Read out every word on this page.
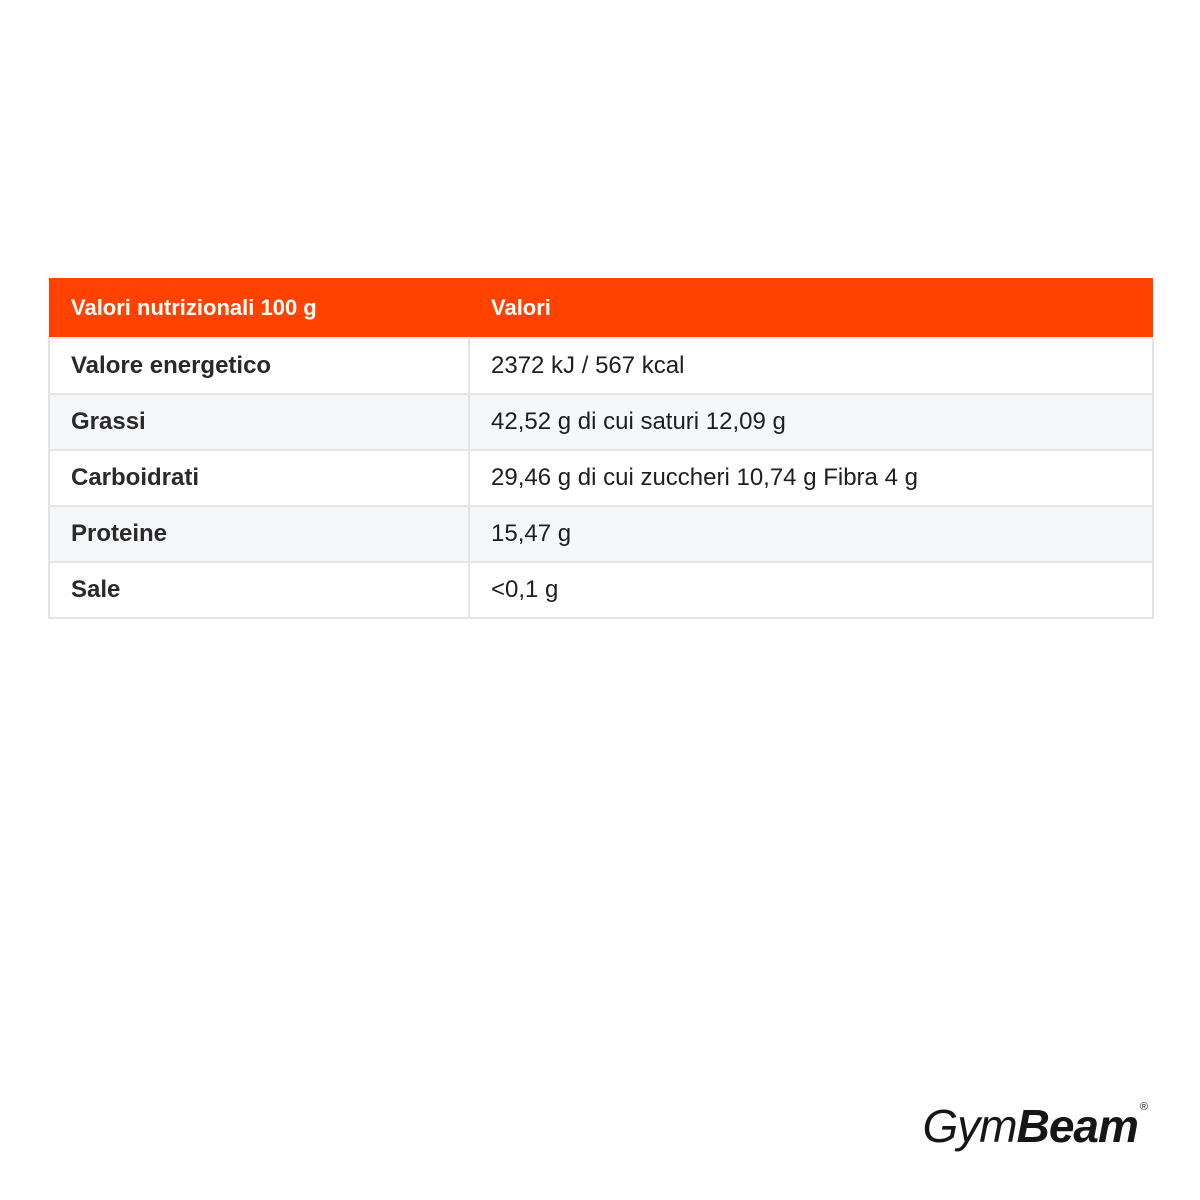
Valori nutrizionali 100 g	Valori
Valore energetico	2372 kJ / 567 kcal
Grassi	42,52 g di cui saturi 12,09 g
Carboidrati	29,46 g di cui zuccheri 10,74 g Fibra 4 g
Proteine	15,47 g
Sale	<0,1 g
Gym Beam ®
